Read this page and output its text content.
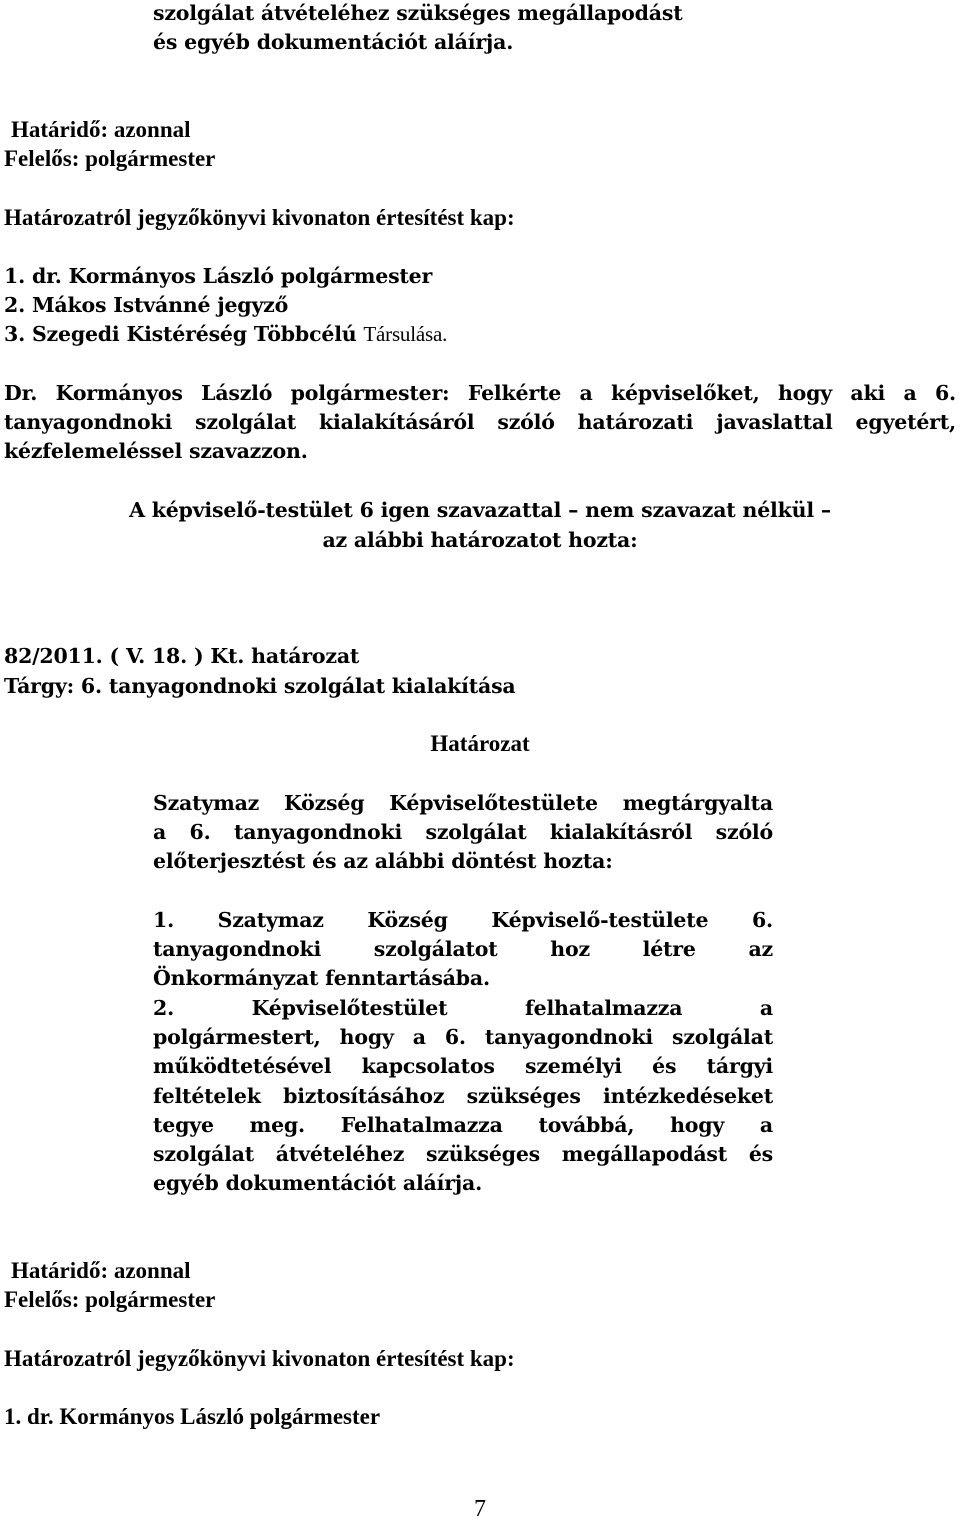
szolgálat átvételéhez szükséges megállapodást
és egyéb dokumentációt aláírja.
Határidő: azonnal
Felelős: polgármester
Határozatról jegyzőkönyvi kivonaton értesítést kap:
1. dr. Kormányos László polgármester
2. Mákos Istvánné jegyző
3. Szegedi Kistéréség Többcélú Társulása.
Dr. Kormányos László polgármester: Felkérte a képviselőket, hogy aki a 6.
tanyagondnoki szolgálat kialakításáról szóló határozati javaslattal egyetért,
kézfelemeléssel szavazzon.
A képviselő-testület 6 igen szavazattal – nem szavazat nélkül –
az alábbi határozatot hozta:
82/2011. ( V. 18. ) Kt. határozat
Tárgy: 6. tanyagondnoki szolgálat kialakítása
Határozat
Szatymaz Község Képviselőtestülete megtárgyalta
a 6. tanyagondnoki szolgálat kialakításról szóló
előterjesztést és az alábbi döntést hozta:
1. Szatymaz Község Képviselő-testülete 6.
tanyagondnoki szolgálatot hoz létre az
Önkormányzat fenntartásába.
2. Képviselőtestület felhatalmazza a
polgármestert, hogy a 6. tanyagondnoki szolgálat
működtetésével kapcsolatos személyi és tárgyi
feltételek biztosításához szükséges intézkedéseket
tegye meg. Felhatalmazza továbbá, hogy a
szolgálat átvételéhez szükséges megállapodást és
egyéb dokumentációt aláírja.
Határidő: azonnal
Felelős: polgármester
Határozatról jegyzőkönyvi kivonaton értesítést kap:
1. dr. Kormányos László polgármester
7
